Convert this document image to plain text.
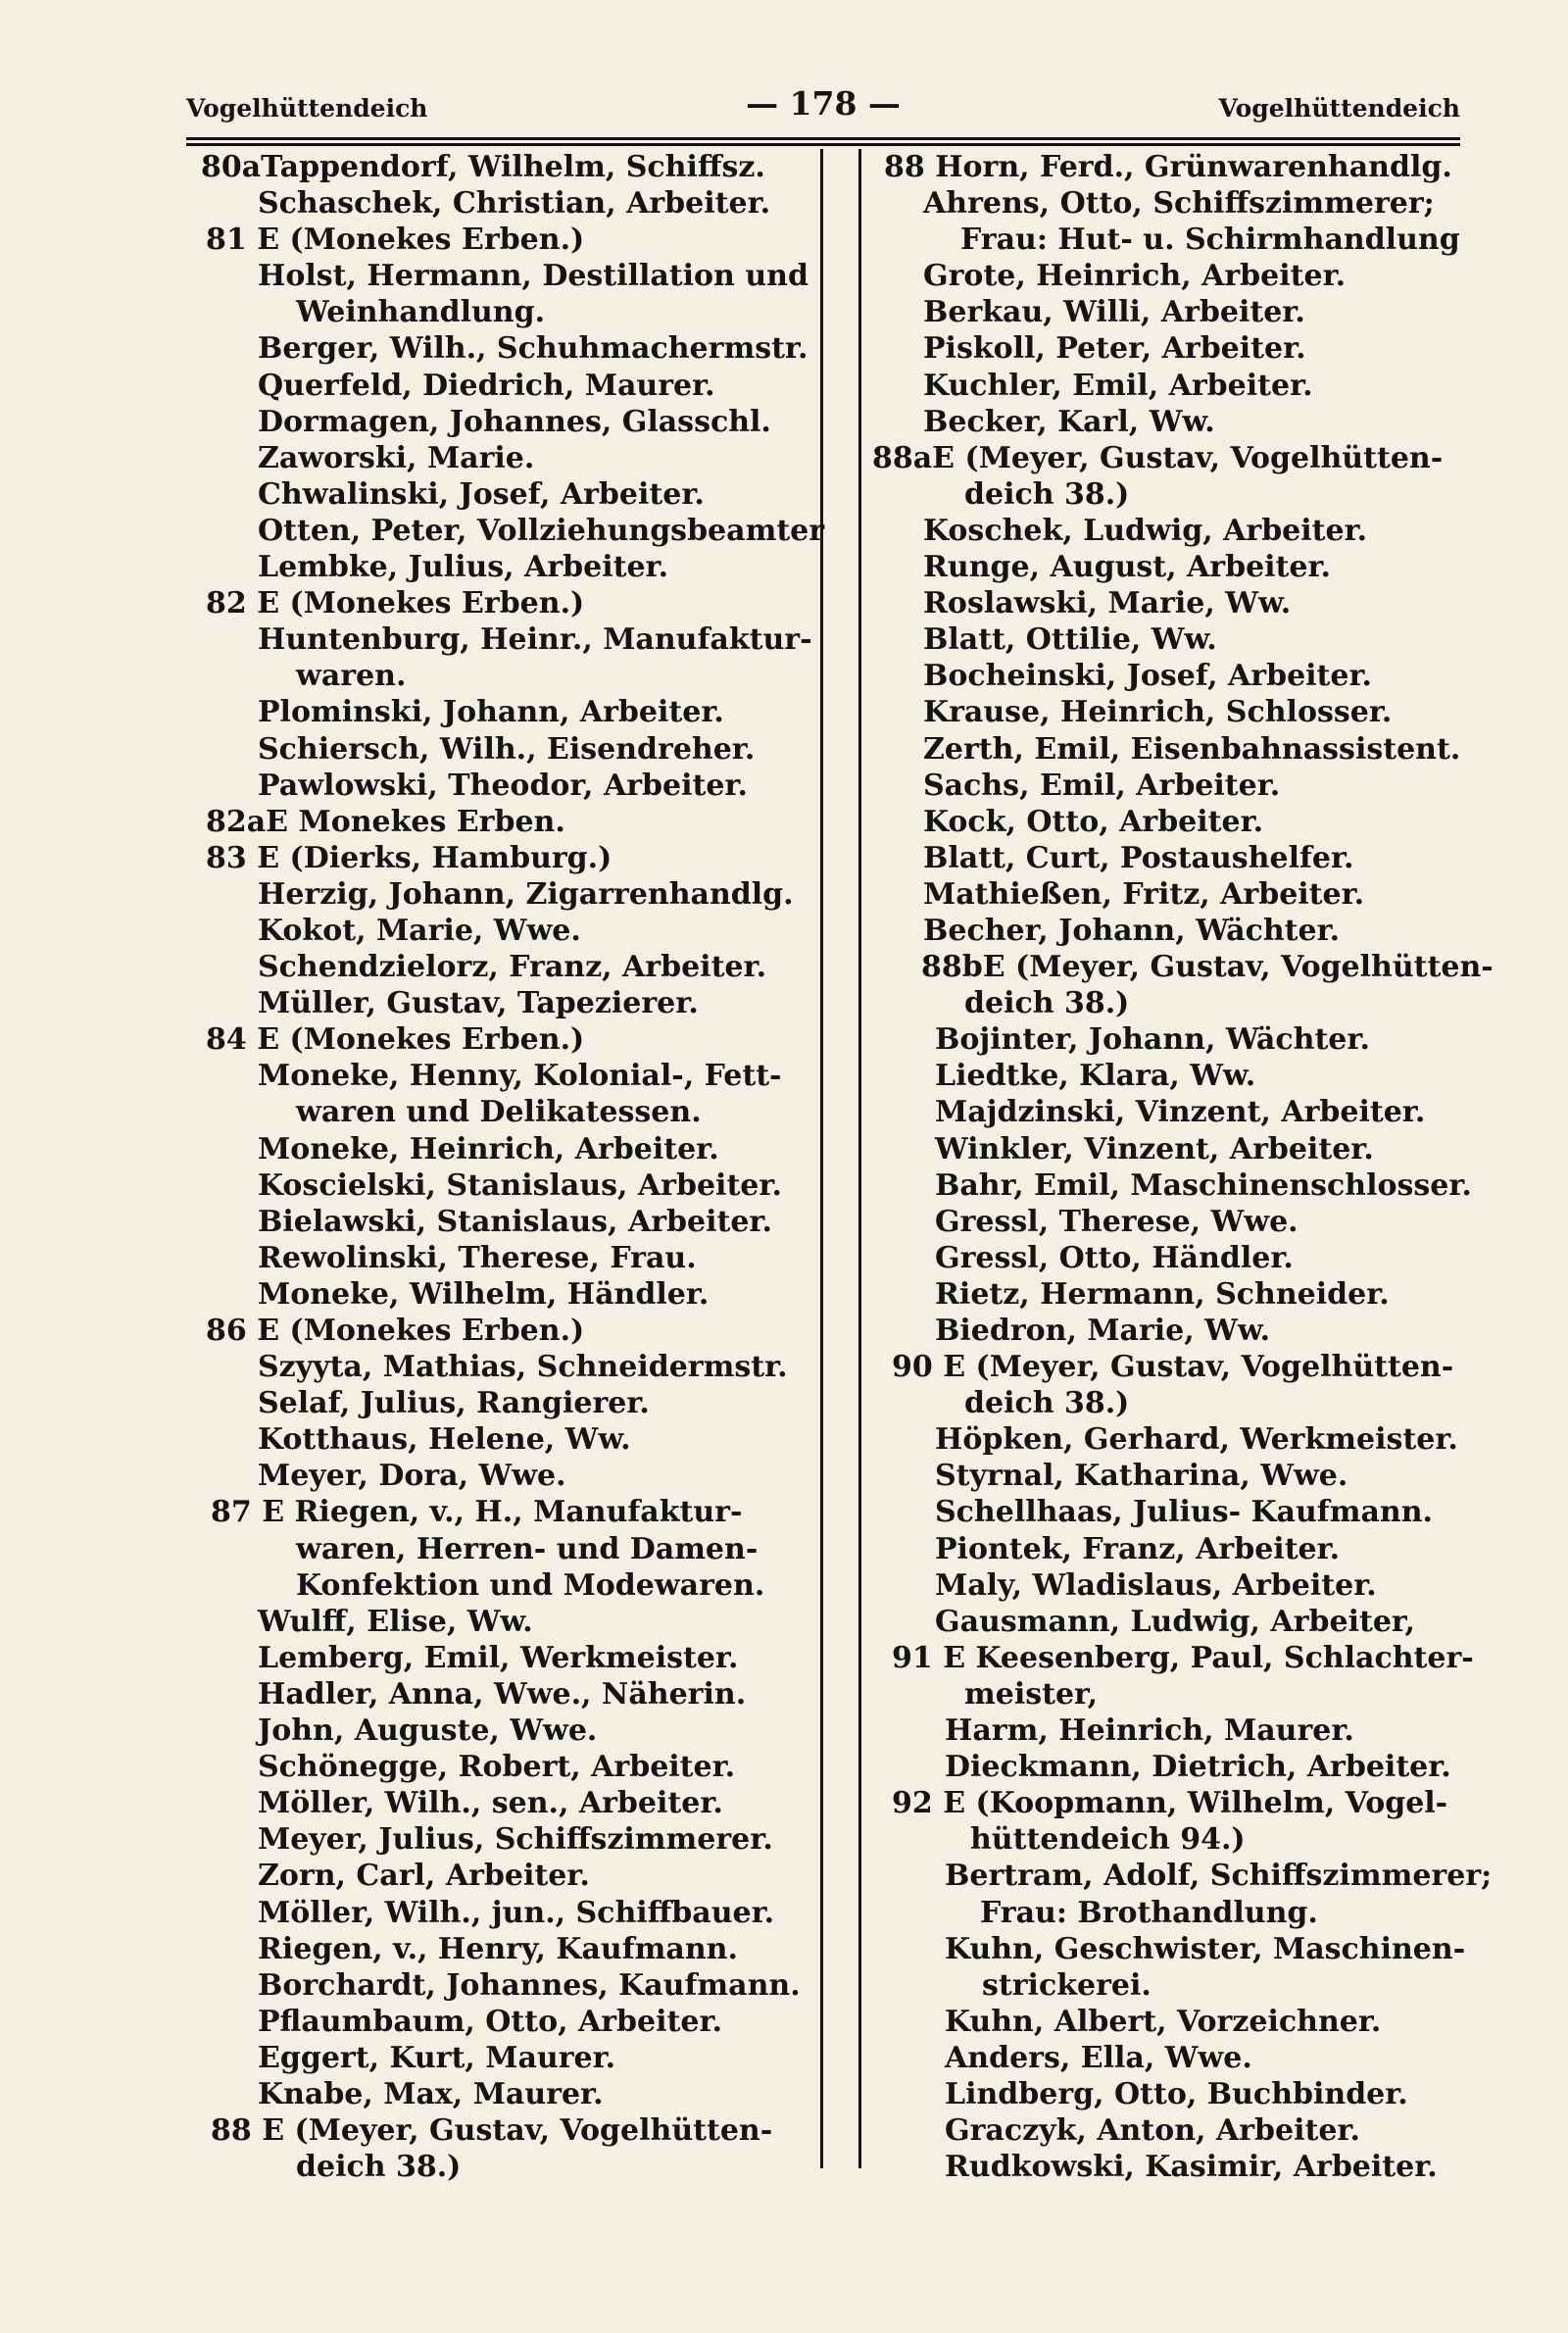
Vogelhüttendeich	— 178 —	Vogelhüttendeich
80aTappendorf, Wilhelm, Schiffsz.
Schaschek, Christian, Arbeiter.
81 E (Monekes Erben.)
Holst, Hermann, Destillation und
Weinhandlung.
Berger, Wilh., Schuhmachermstr.
Querfeld, Diedrich, Maurer.
Dormagen, Johannes, Glasschl.
Zaworski, Marie.
Chwalinski, Josef, Arbeiter.
Otten, Peter, Vollziehungsbeamter
Lembke, Julius, Arbeiter.
82 E (Monekes Erben.)
Huntenburg, Heinr., Manufaktur-
waren.
Plominski, Johann, Arbeiter.
Schiersch, Wilh., Eisendreher.
Pawlowski, Theodor, Arbeiter.
82aE Monekes Erben.
83 E (Dierks, Hamburg.)
Herzig, Johann, Zigarrenhandlg.
Kokot, Marie, Wwe.
Schendzielorz, Franz, Arbeiter.
Müller, Gustav, Tapezierer.
84 E (Monekes Erben.)
Moneke, Henny, Kolonial-, Fett-
waren und Delikatessen.
Moneke, Heinrich, Arbeiter.
Koscielski, Stanislaus, Arbeiter.
Bielawski, Stanislaus, Arbeiter.
Rewolinski, Therese, Frau.
Moneke, Wilhelm, Händler.
86 E (Monekes Erben.)
Szyyta, Mathias, Schneidermstr.
Selaf, Julius, Rangierer.
Kotthaus, Helene, Ww.
Meyer, Dora, Wwe.
87 E Riegen, v., H., Manufaktur-
waren, Herren- und Damen-
Konfektion und Modewaren.
Wulff, Elise, Ww.
Lemberg, Emil, Werkmeister.
Hadler, Anna, Wwe., Näherin.
John, Auguste, Wwe.
Schönegge, Robert, Arbeiter.
Möller, Wilh., sen., Arbeiter.
Meyer, Julius, Schiffszimmerer.
Zorn, Carl, Arbeiter.
Möller, Wilh., jun., Schiffbauer.
Riegen, v., Henry, Kaufmann.
Borchardt, Johannes, Kaufmann.
Pflaumbaum, Otto, Arbeiter.
Eggert, Kurt, Maurer.
Knabe, Max, Maurer.
88 E (Meyer, Gustav, Vogelhütten-
deich 38.)
88 Horn, Ferd., Grünwarenhandlg.
Ahrens, Otto, Schiffszimmerer;
Frau: Hut- u. Schirmhandlung
Grote, Heinrich, Arbeiter.
Berkau, Willi, Arbeiter.
Piskoll, Peter, Arbeiter.
Kuchler, Emil, Arbeiter.
Becker, Karl, Ww.
88aE (Meyer, Gustav, Vogelhütten-
deich 38.)
Koschek, Ludwig, Arbeiter.
Runge, August, Arbeiter.
Roslawski, Marie, Ww.
Blatt, Ottilie, Ww.
Bocheinski, Josef, Arbeiter.
Krause, Heinrich, Schlosser.
Zerth, Emil, Eisenbahnassistent.
Sachs, Emil, Arbeiter.
Kock, Otto, Arbeiter.
Blatt, Curt, Postaushelfer.
Mathießen, Fritz, Arbeiter.
Becher, Johann, Wächter.
88bE (Meyer, Gustav, Vogelhütten-
deich 38.)
Bojinter, Johann, Wächter.
Liedtke, Klara, Ww.
Majdzinski, Vinzent, Arbeiter.
Winkler, Vinzent, Arbeiter.
Bahr, Emil, Maschinenschlosser.
Gressl, Therese, Wwe.
Gressl, Otto, Händler.
Rietz, Hermann, Schneider.
Biedron, Marie, Ww.
90 E (Meyer, Gustav, Vogelhütten-
deich 38.)
Höpken, Gerhard, Werkmeister.
Styrnal, Katharina, Wwe.
Schellhaas, Julius- Kaufmann.
Piontek, Franz, Arbeiter.
Maly, Wladislaus, Arbeiter.
Gausmann, Ludwig, Arbeiter,
91 E Keesenberg, Paul, Schlachter-
meister,
Harm, Heinrich, Maurer.
Dieckmann, Dietrich, Arbeiter.
92 E (Koopmann, Wilhelm, Vogel-
hüttendeich 94.)
Bertram, Adolf, Schiffszimmerer;
Frau: Brothandlung.
Kuhn, Geschwister, Maschinen-
strickerei.
Kuhn, Albert, Vorzeichner.
Anders, Ella, Wwe.
Lindberg, Otto, Buchbinder.
Graczyk, Anton, Arbeiter.
Rudkowski, Kasimir, Arbeiter.
